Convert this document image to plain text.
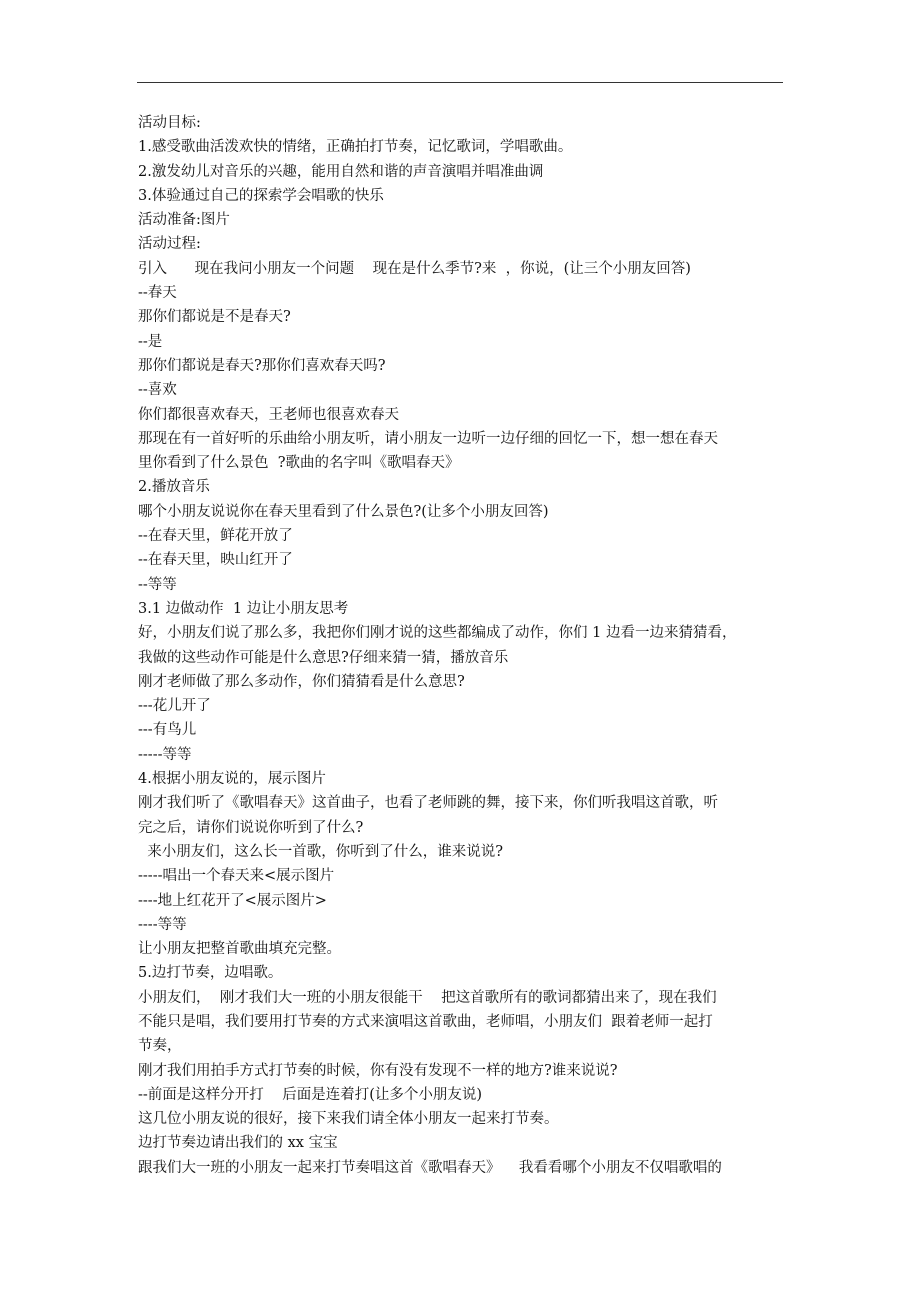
活动目标:
1.感受歌曲活泼欢快的情绪，正确拍打节奏，记忆歌词，学唱歌曲。
2.激发幼儿对音乐的兴趣，能用自然和谐的声音演唱并唱准曲调
3.体验通过自己的探索学会唱歌的快乐
活动准备:图片
活动过程:
引入      现在我问小朋友一个问题    现在是什么季节?来  ，你说，(让三个小朋友回答)
--春天
那你们都说是不是春天?
--是
那你们都说是春天?那你们喜欢春天吗?
--喜欢
你们都很喜欢春天，王老师也很喜欢春天
那现在有一首好听的乐曲给小朋友听，请小朋友一边听一边仔细的回忆一下，想一想在春天
里你看到了什么景色  ?歌曲的名字叫《歌唱春天》
2.播放音乐
哪个小朋友说说你在春天里看到了什么景色?(让多个小朋友回答)
--在春天里，鲜花开放了
--在春天里，映山红开了
--等等
3.1 边做动作  1 边让小朋友思考
好，小朋友们说了那么多，我把你们刚才说的这些都编成了动作，你们 1 边看一边来猜猜看，
我做的这些动作可能是什么意思?仔细来猜一猜，播放音乐
刚才老师做了那么多动作，你们猜猜看是什么意思?
---花儿开了
---有鸟儿
-----等等
4.根据小朋友说的，展示图片
刚才我们听了《歌唱春天》这首曲子，也看了老师跳的舞，接下来，你们听我唱这首歌，听
完之后，请你们说说你听到了什么?
来小朋友们，这么长一首歌，你听到了什么，谁来说说?
-----唱出一个春天来<展示图片
----地上红花开了<展示图片>
----等等
让小朋友把整首歌曲填充完整。
5.边打节奏，边唱歌。
小朋友们，  刚才我们大一班的小朋友很能干    把这首歌所有的歌词都猜出来了，现在我们
不能只是唱，我们要用打节奏的方式来演唱这首歌曲，老师唱，小朋友们  跟着老师一起打
节奏，
刚才我们用拍手方式打节奏的时候，你有没有发现不一样的地方?谁来说说?
--前面是这样分开打    后面是连着打(让多个小朋友说)
这几位小朋友说的很好，接下来我们请全体小朋友一起来打节奏。
边打节奏边请出我们的 xx 宝宝
跟我们大一班的小朋友一起来打节奏唱这首《歌唱春天》    我看看哪个小朋友不仅唱歌唱的
